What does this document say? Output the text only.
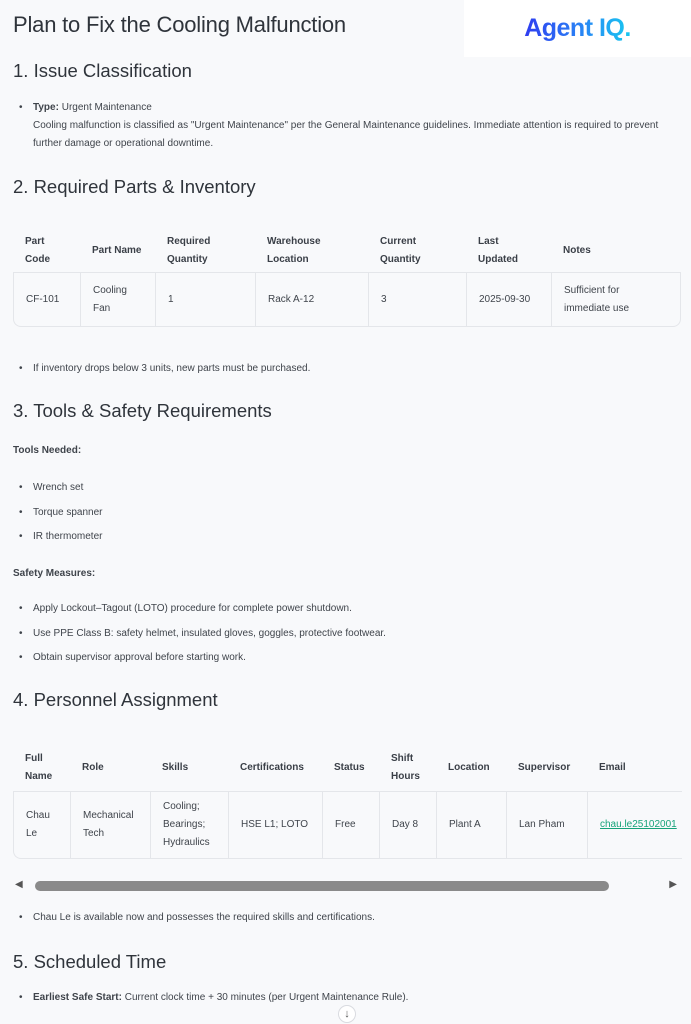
Plan to Fix the Cooling Malfunction	Agent IQ.
1. Issue Classification
• Type: Urgent Maintenance
Cooling malfunction is classified as "Urgent Maintenance" per the General Maintenance guidelines. Immediate attention is required to prevent further damage or operational downtime.
2. Required Parts & Inventory
Part Code	Part Name	Required Quantity	Warehouse Location	Current Quantity	Last Updated	Notes
CF-101	Cooling Fan	1	Rack A-12	3	2025-09-30	Sufficient for immediate use
• If inventory drops below 3 units, new parts must be purchased.
3. Tools & Safety Requirements
Tools Needed:
• Wrench set
• Torque spanner
• IR thermometer
Safety Measures:
• Apply Lockout–Tagout (LOTO) procedure for complete power shutdown.
• Use PPE Class B: safety helmet, insulated gloves, goggles, protective footwear.
• Obtain supervisor approval before starting work.
4. Personnel Assignment
Full Name	Role	Skills	Certifications	Status	Shift Hours	Location	Supervisor	Email
Chau Le	Mechanical Tech	Cooling; Bearings; Hydraulics	HSE L1; LOTO	Free	Day 8	Plant A	Lan Pham	chau.le25102001
◀	▶
• Chau Le is available now and possesses the required skills and certifications.
5. Scheduled Time
• Earliest Safe Start: Current clock time + 30 minutes (per Urgent Maintenance Rule).
↓
